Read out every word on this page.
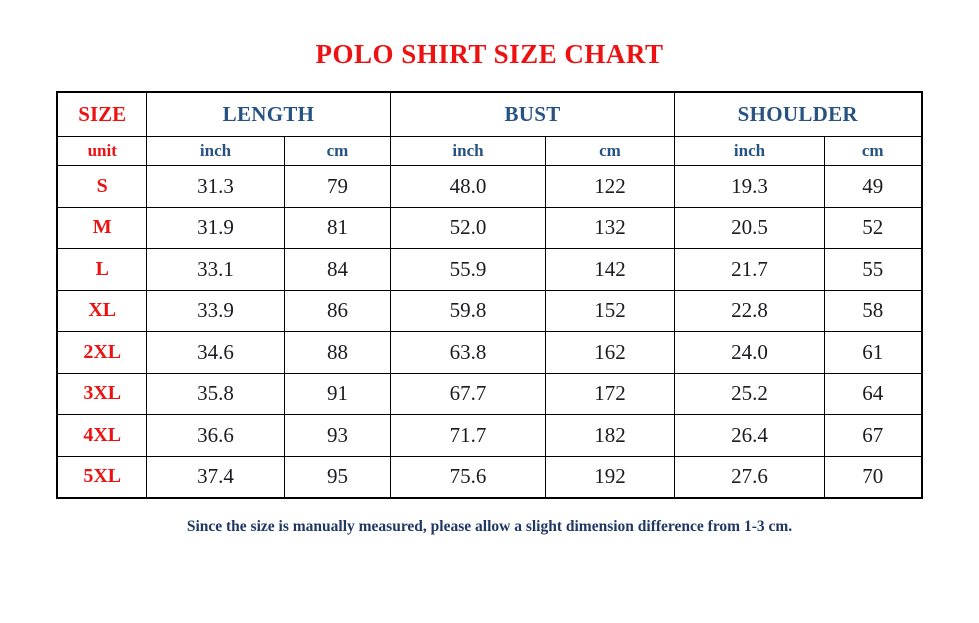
POLO SHIRT SIZE CHART
SIZE	LENGTH		BUST		SHOULDER	
unit	inch	cm	inch	cm	inch	cm
S	31.3	79	48.0	122	19.3	49
M	31.9	81	52.0	132	20.5	52
L	33.1	84	55.9	142	21.7	55
XL	33.9	86	59.8	152	22.8	58
2XL	34.6	88	63.8	162	24.0	61
3XL	35.8	91	67.7	172	25.2	64
4XL	36.6	93	71.7	182	26.4	67
5XL	37.4	95	75.6	192	27.6	70
Since the size is manually measured, please allow a slight dimension difference from 1-3 cm.
